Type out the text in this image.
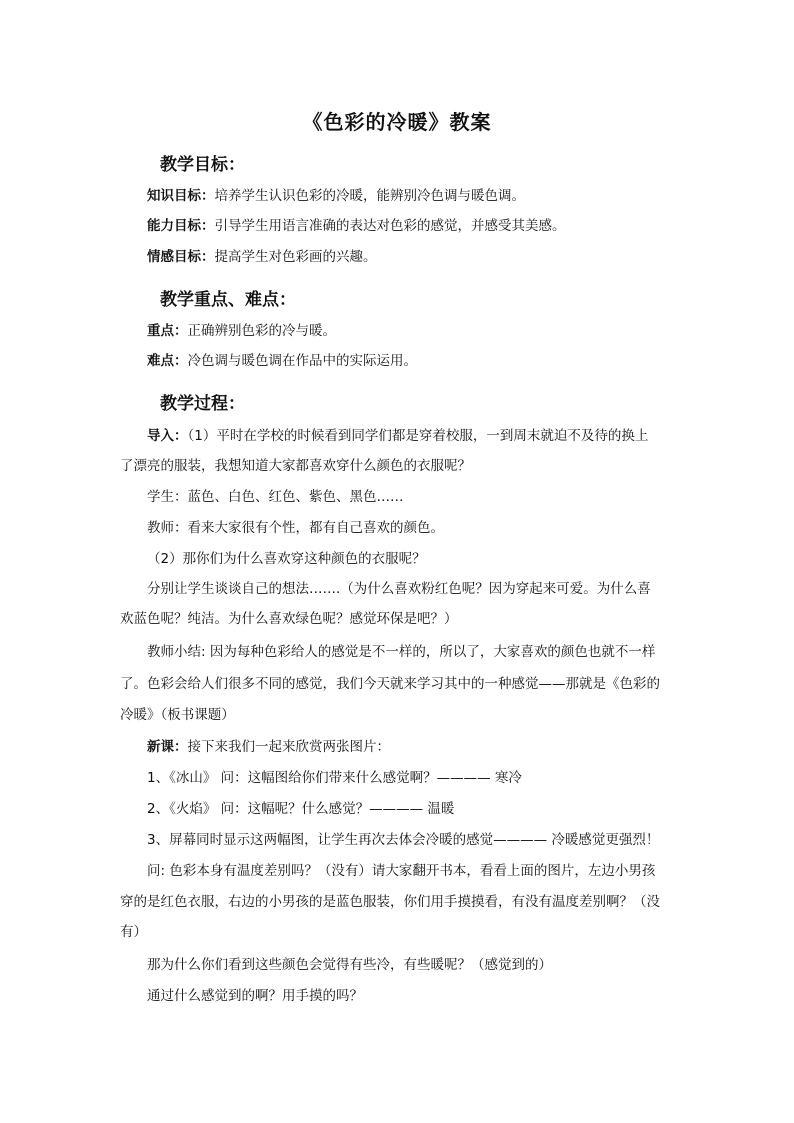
《色彩的冷暖》教案
教学目标：
知识目标：培养学生认识色彩的冷暖，能辨别冷色调与暖色调。
能力目标：引导学生用语言准确的表达对色彩的感觉，并感受其美感。
情感目标：提高学生对色彩画的兴趣。
教学重点、难点：
重点：正确辨别色彩的冷与暖。
难点：冷色调与暖色调在作品中的实际运用。
教学过程：
导入：（1）平时在学校的时候看到同学们都是穿着校服，一到周末就迫不及待的换上
了漂亮的服装，我想知道大家都喜欢穿什么颜色的衣服呢？
学生：蓝色、白色、红色、紫色、黑色……
教师：看来大家很有个性，都有自己喜欢的颜色。
（2）那你们为什么喜欢穿这种颜色的衣服呢？
分别让学生谈谈自己的想法…….（为什么喜欢粉红色呢？因为穿起来可爱。为什么喜
欢蓝色呢？纯洁。为什么喜欢绿色呢？感觉环保是吧？）
教师小结: 因为每种色彩给人的感觉是不一样的，所以了，大家喜欢的颜色也就不一样
了。色彩会给人们很多不同的感觉，我们今天就来学习其中的一种感觉——那就是《色彩的
冷暖》（板书课题）
新课：接下来我们一起来欣赏两张图片：
1、《冰山》 问：这幅图给你们带来什么感觉啊？———— 寒冷
2、《火焰》 问：这幅呢？什么感觉？———— 温暖
3、屏幕同时显示这两幅图，让学生再次去体会冷暖的感觉———— 冷暖感觉更强烈！
问: 色彩本身有温度差别吗？（没有）请大家翻开书本，看看上面的图片，左边小男孩
穿的是红色衣服，右边的小男孩的是蓝色服装，你们用手摸摸看，有没有温度差别啊？（没
有）
那为什么你们看到这些颜色会觉得有些冷，有些暖呢？（感觉到的）
通过什么感觉到的啊？用手摸的吗？
